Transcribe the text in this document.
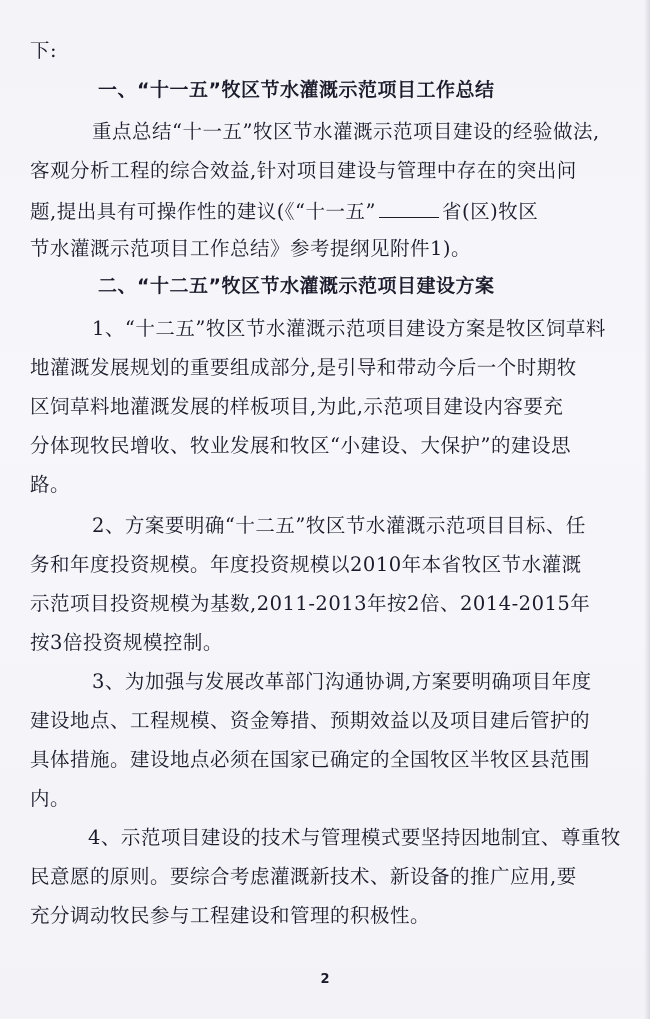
下:
一、“十一五”牧区节水灌溉示范项目工作总结
重点总结“十一五”牧区节水灌溉示范项目建设的经验做法,
客观分析工程的综合效益,针对项目建设与管理中存在的突出问
题,提出具有可操作性的建议(《“十一五”	省(区)牧区
节水灌溉示范项目工作总结》参考提纲见附件1)。
二、“十二五”牧区节水灌溉示范项目建设方案
1、“十二五”牧区节水灌溉示范项目建设方案是牧区饲草料
地灌溉发展规划的重要组成部分,是引导和带动今后一个时期牧
区饲草料地灌溉发展的样板项目,为此,示范项目建设内容要充
分体现牧民增收、牧业发展和牧区“小建设、大保护”的建设思
路。
2、方案要明确“十二五”牧区节水灌溉示范项目目标、任
务和年度投资规模。年度投资规模以2010年本省牧区节水灌溉
示范项目投资规模为基数,2011-2013年按2倍、2014-2015年
按3倍投资规模控制。
3、为加强与发展改革部门沟通协调,方案要明确项目年度
建设地点、工程规模、资金筹措、预期效益以及项目建后管护的
具体措施。建设地点必须在国家已确定的全国牧区半牧区县范围
内。
4、示范项目建设的技术与管理模式要坚持因地制宜、尊重牧
民意愿的原则。要综合考虑灌溉新技术、新设备的推广应用,要
充分调动牧民参与工程建设和管理的积极性。
2
